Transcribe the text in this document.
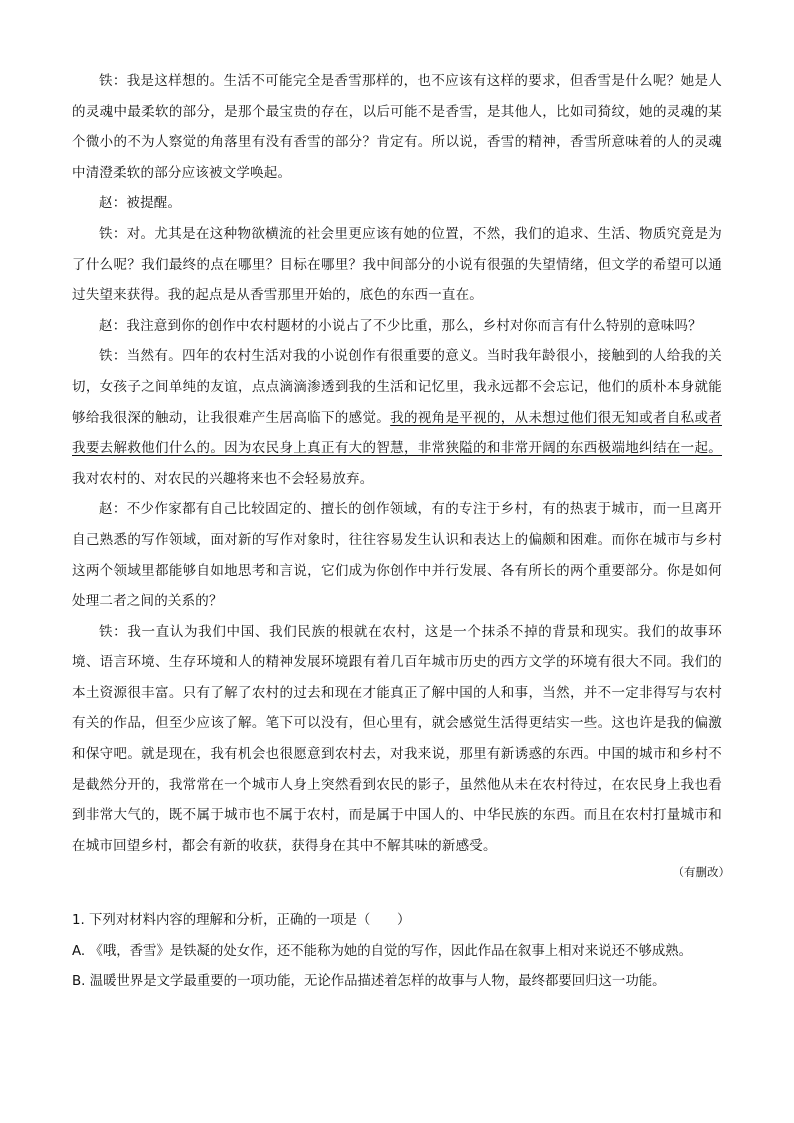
铁：我是这样想的。生活不可能完全是香雪那样的，也不应该有这样的要求，但香雪是什么呢？她是人的灵魂中最柔软的部分，是那个最宝贵的存在，以后可能不是香雪，是其他人，比如司猗纹，她的灵魂的某个微小的不为人察觉的角落里有没有香雪的部分？肯定有。所以说，香雪的精神，香雪所意味着的人的灵魂中清澄柔软的部分应该被文学唤起。

赵：被提醒。

铁：对。尤其是在这种物欲横流的社会里更应该有她的位置，不然，我们的追求、生活、物质究竟是为了什么呢？我们最终的点在哪里？目标在哪里？我中间部分的小说有很强的失望情绪，但文学的希望可以通过失望来获得。我的起点是从香雪那里开始的，底色的东西一直在。

赵：我注意到你的创作中农村题材的小说占了不少比重，那么，乡村对你而言有什么特别的意味吗？

铁：当然有。四年的农村生活对我的小说创作有很重要的意义。当时我年龄很小，接触到的人给我的关切，女孩子之间单纯的友谊，点点滴滴渗透到我的生活和记忆里，我永远都不会忘记，他们的质朴本身就能够给我很深的触动，让我很难产生居高临下的感觉。我的视角是平视的，从未想过他们很无知或者自私或者我要去解救他们什么的。因为农民身上真正有大的智慧，非常狭隘的和非常开阔的东西极端地纠结在一起。我对农村的、对农民的兴趣将来也不会轻易放弃。

赵：不少作家都有自己比较固定的、擅长的创作领域，有的专注于乡村，有的热衷于城市，而一旦离开自己熟悉的写作领域，面对新的写作对象时，往往容易发生认识和表达上的偏颇和困难。而你在城市与乡村这两个领域里都能够自如地思考和言说，它们成为你创作中并行发展、各有所长的两个重要部分。你是如何处理二者之间的关系的？

铁：我一直认为我们中国、我们民族的根就在农村，这是一个抹杀不掉的背景和现实。我们的故事环境、语言环境、生存环境和人的精神发展环境跟有着几百年城市历史的西方文学的环境有很大不同。我们的本土资源很丰富。只有了解了农村的过去和现在才能真正了解中国的人和事，当然，并不一定非得写与农村有关的作品，但至少应该了解。笔下可以没有，但心里有，就会感觉生活得更结实一些。这也许是我的偏激和保守吧。就是现在，我有机会也很愿意到农村去，对我来说，那里有新诱惑的东西。中国的城市和乡村不是截然分开的，我常常在一个城市人身上突然看到农民的影子，虽然他从未在农村待过，在农民身上我也看到非常大气的，既不属于城市也不属于农村，而是属于中国人的、中华民族的东西。而且在农村打量城市和在城市回望乡村，都会有新的收获，获得身在其中不解其味的新感受。

（有删改）

1. 下列对材料内容的理解和分析，正确的一项是（　　）

A. 《哦，香雪》是铁凝的处女作，还不能称为她的自觉的写作，因此作品在叙事上相对来说还不够成熟。

B. 温暖世界是文学最重要的一项功能，无论作品描述着怎样的故事与人物，最终都要回归这一功能。
